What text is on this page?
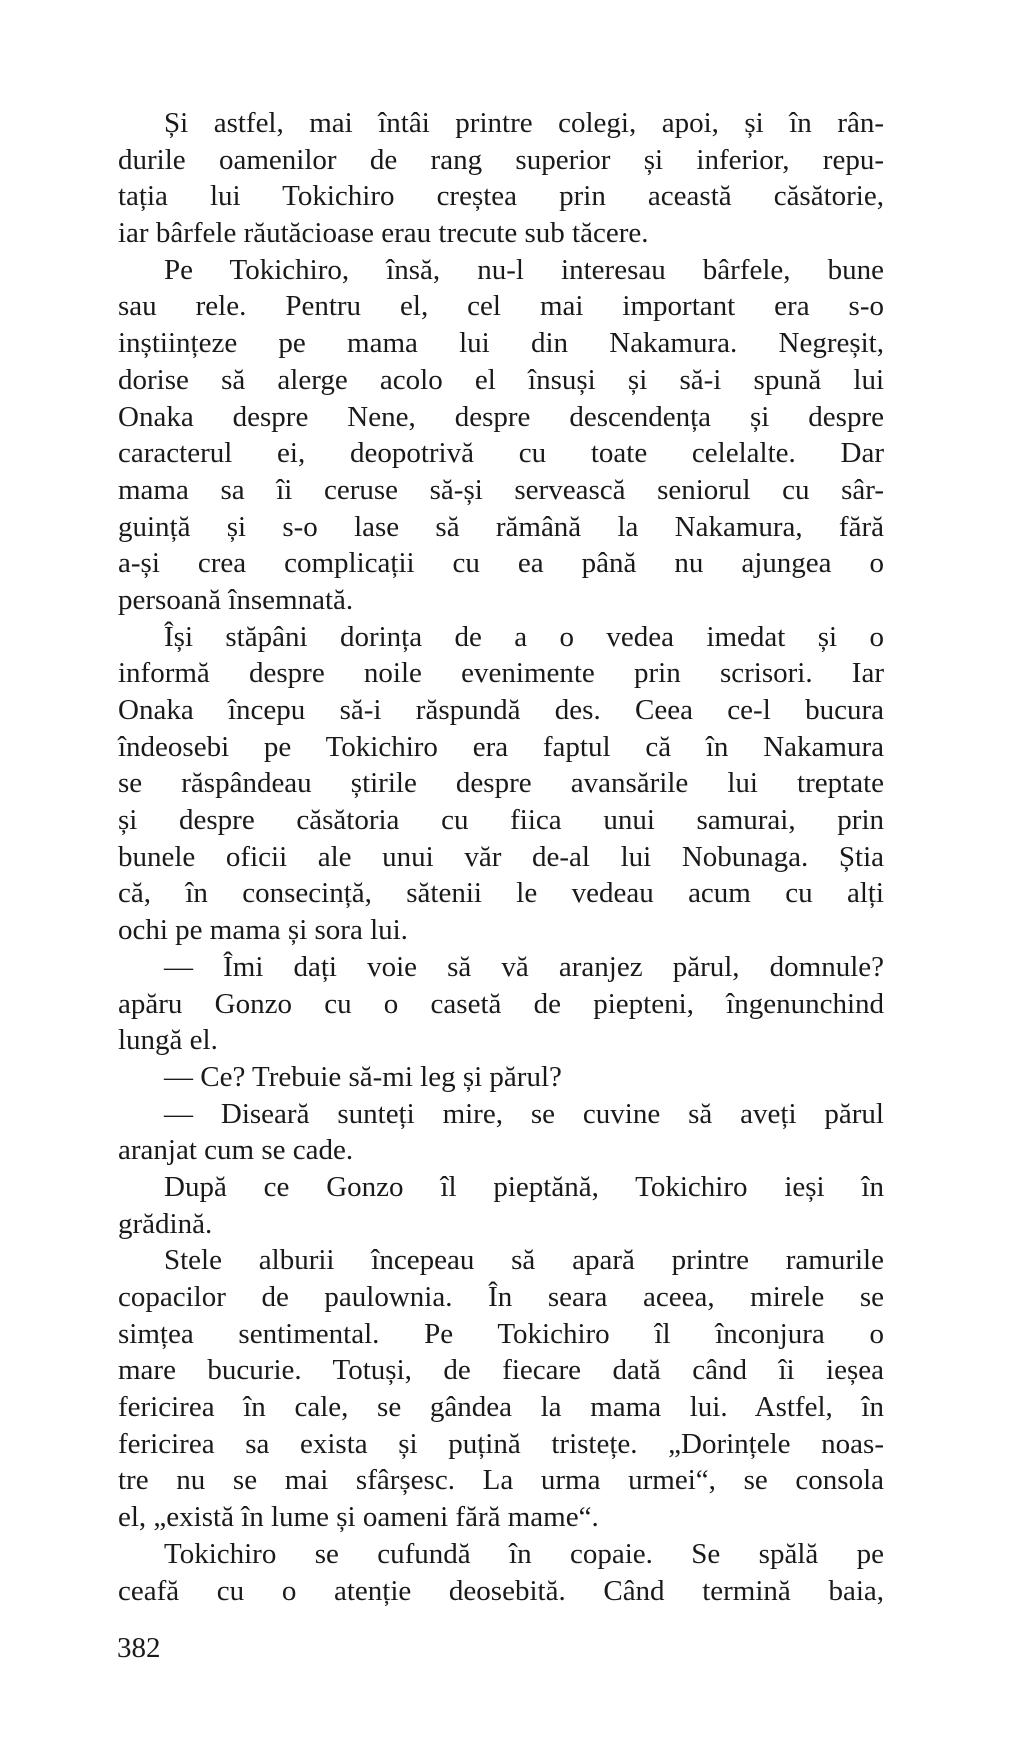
Și astfel, mai întâi printre colegi, apoi, și în rân-
durile oamenilor de rang superior și inferior, repu-
tația lui Tokichiro creștea prin această căsătorie,
iar bârfele răutăcioase erau trecute sub tăcere.
Pe Tokichiro, însă, nu-l interesau bârfele, bune
sau rele. Pentru el, cel mai important era s-o
inștiințeze pe mama lui din Nakamura. Negreșit,
dorise să alerge acolo el însuși și să-i spună lui
Onaka despre Nene, despre descendența și despre
caracterul ei, deopotrivă cu toate celelalte. Dar
mama sa îi ceruse să-și servească seniorul cu sâr-
guință și s-o lase să rămână la Nakamura, fără
a-și crea complicații cu ea până nu ajungea o
persoană însemnată.
Își stăpâni dorința de a o vedea imedat și o
informă despre noile evenimente prin scrisori. Iar
Onaka începu să-i răspundă des. Ceea ce-l bucura
îndeosebi pe Tokichiro era faptul că în Nakamura
se răspândeau știrile despre avansările lui treptate
și despre căsătoria cu fiica unui samurai, prin
bunele oficii ale unui văr de-al lui Nobunaga. Știa
că, în consecință, sătenii le vedeau acum cu alți
ochi pe mama și sora lui.
— Îmi dați voie să vă aranjez părul, domnule?
apăru Gonzo cu o casetă de piepteni, îngenunchind
lungă el.
— Ce? Trebuie să-mi leg și părul?
— Diseară sunteți mire, se cuvine să aveți părul
aranjat cum se cade.
După ce Gonzo îl pieptănă, Tokichiro ieși în
grădină.
Stele alburii începeau să apară printre ramurile
copacilor de paulownia. În seara aceea, mirele se
simțea sentimental. Pe Tokichiro îl înconjura o
mare bucurie. Totuși, de fiecare dată când îi ieșea
fericirea în cale, se gândea la mama lui. Astfel, în
fericirea sa exista și puțină tristețe. „Dorințele noas-
tre nu se mai sfârșesc. La urma urmei“, se consola
el, „există în lume și oameni fără mame“.
Tokichiro se cufundă în copaie. Se spălă pe
ceafă cu o atenție deosebită. Când termină baia,
382
